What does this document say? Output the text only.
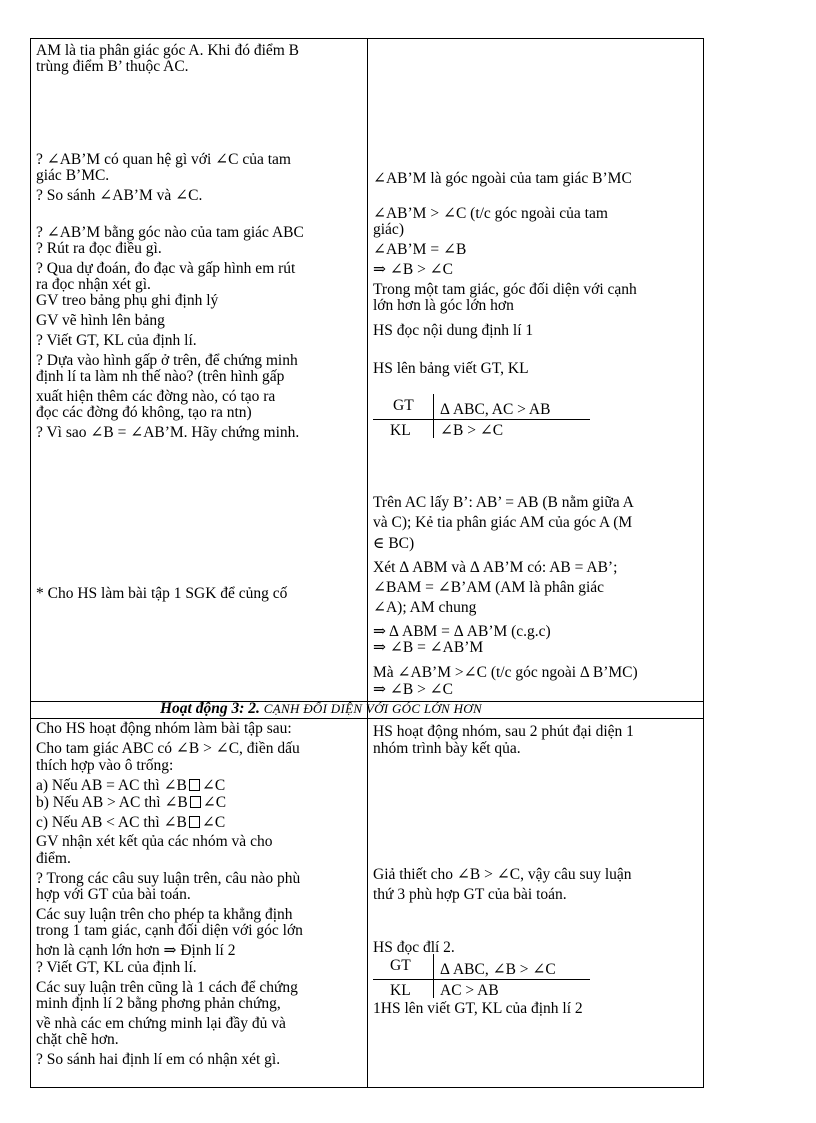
AM là tia phân giác góc A. Khi đó điểm B
trùng điểm B’ thuộc AC.
? ∠AB’M có quan hệ gì với ∠C của tam
giác B’MC.
? So sánh ∠AB’M và ∠C.
? ∠AB’M bằng góc nào của tam giác ABC
? Rút ra đọc điều gì.
? Qua dự đoán, đo đạc và gấp hình em rút
ra đọc nhận xét gì.
GV treo bảng phụ ghi định lý
GV vẽ hình lên bảng
? Viết GT, KL của định lí.
? Dựa vào hình gấp ở trên, để chứng minh
định lí ta làm nh thế nào? (trên hình gấp
xuất hiện thêm các đờng nào, có tạo ra
đọc các đờng đó không, tạo ra ntn)
? Vì sao ∠B = ∠AB’M. Hãy chứng minh.
* Cho HS làm bài tập 1 SGK để củng cố
∠AB’M là góc ngoài của tam giác B’MC
∠AB’M > ∠C (t/c góc ngoài của tam
giác)
∠AB’M = ∠B
⇒ ∠B > ∠C
Trong một tam giác, góc đối diện với cạnh
lớn hơn là góc lớn hơn
HS đọc nội dung định lí 1
HS lên bảng viết GT, KL
GT Δ ABC, AC > AB
KL ∠B > ∠C
Trên AC lấy B’: AB’ = AB (B nằm giữa A
và C); Kẻ tia phân giác AM của góc A (M
∈ BC)
Xét Δ ABM và Δ AB’M có: AB = AB’;
∠BAM = ∠B’AM (AM là phân giác
∠A); AM chung
⇒ Δ ABM = Δ AB’M (c.g.c)
⇒ ∠B = ∠AB’M
Mà ∠AB’M >∠C (t/c góc ngoài Δ B’MC)
⇒ ∠B > ∠C
Hoạt động 3: 2. CẠNH ĐỐI DIỆN VỚI GÓC LỚN HƠN
Cho HS hoạt động nhóm làm bài tập sau:
Cho tam giác ABC có ∠B > ∠C, điền dấu
thích hợp vào ô trống:
a) Nếu AB = AC thì ∠B ∠C
b) Nếu AB > AC thì ∠B ∠C
c) Nếu AB < AC thì ∠B ∠C
GV nhận xét kết qủa các nhóm và cho
điểm.
? Trong các câu suy luận trên, câu nào phù
hợp với GT của bài toán.
Các suy luận trên cho phép ta khẳng định
trong 1 tam giác, cạnh đối diện với góc lớn
hơn là cạnh lớn hơn ⇒ Định lí 2
? Viết GT, KL của định lí.
Các suy luận trên cũng là 1 cách để chứng
minh định lí 2 bằng phơng phản chứng,
về nhà các em chứng minh lại đầy đủ và
chặt chẽ hơn.
? So sánh hai định lí em có nhận xét gì.
HS hoạt động nhóm, sau 2 phút đại diện 1
nhóm trình bày kết qủa.
Giả thiết cho ∠B > ∠C, vậy câu suy luận
thứ 3 phù hợp GT của bài toán.
HS đọc đlí 2.
GT Δ ABC, ∠B > ∠C
KL AC > AB
1HS lên viết GT, KL của định lí 2
